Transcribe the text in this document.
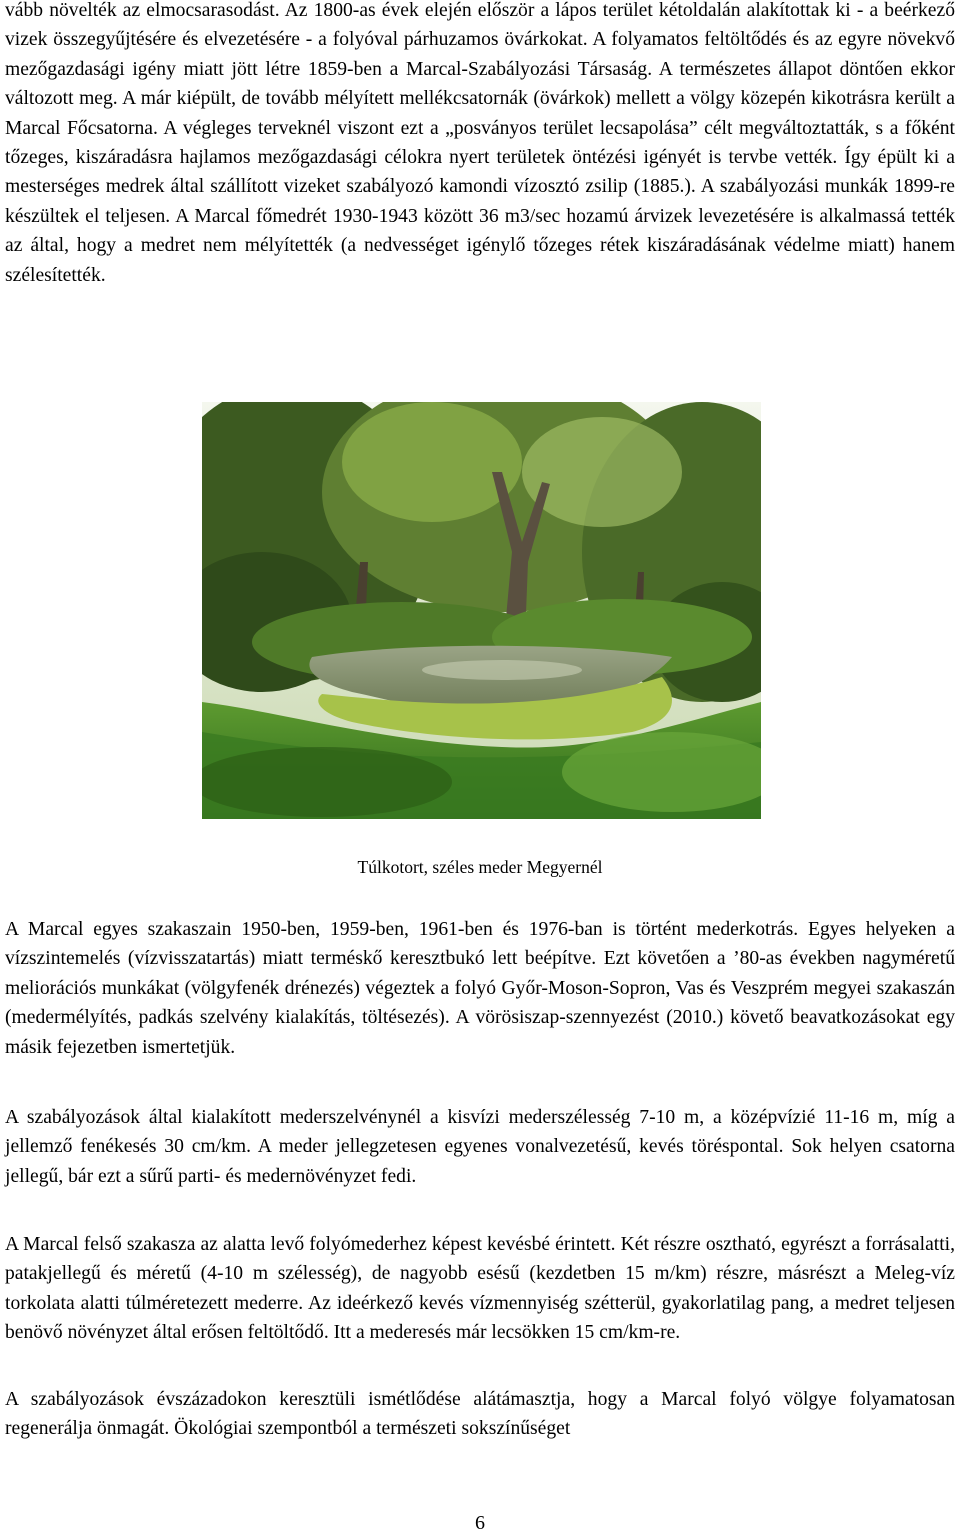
vább növelték az elmocsarasodást. Az 1800-as évek elején először a lápos terület kétoldalán alakítottak ki - a beérkező vizek összegyűjtésére és elvezetésére - a folyóval párhuzamos övárkokat. A folyamatos feltöltődés és az egyre növekvő mezőgazdasági igény miatt jött létre 1859-ben a Marcal-Szabályozási Társaság. A természetes állapot döntően ekkor változott meg. A már kiépült, de tovább mélyített mellékcsatornák (övárkok) mellett a völgy közepén kikotrásra került a Marcal Főcsatorna. A végleges terveknél viszont ezt a „posványos terület lecsapolása” célt megváltoztatták, s a főként tőzeges, kiszáradásra hajlamos mezőgazdasági célokra nyert területek öntézési igényét is tervbe vették. Így épült ki a mesterséges medrek által szállított vizeket szabályozó kamondi vízosztó zsilip (1885.). A szabályozási munkák 1899-re készültek el teljesen. A Marcal főmedrét 1930-1943 között 36 m3/sec hozamú árvizek levezetésére is alkalmassá tették az által, hogy a medret nem mélyítették (a nedvességet igénylő tőzeges rétek kiszáradásának védelme miatt) hanem szélesítették.

Túlkotort, széles meder Megyernél

A Marcal egyes szakaszain 1950-ben, 1959-ben, 1961-ben és 1976-ban is történt mederkotrás. Egyes helyeken a vízszintemelés (vízvisszatartás) miatt terméskő keresztbukó lett beépítve. Ezt követően a ’80-as években nagyméretű meliorációs munkákat (völgyfenék drénezés) végeztek a folyó Győr-Moson-Sopron, Vas és Veszprém megyei szakaszán (medermélyítés, padkás szelvény kialakítás, töltésezés). A vörösiszap-szennyezést (2010.) követő beavatkozásokat egy másik fejezetben ismertetjük.

A szabályozások által kialakított mederszelvénynél a kisvízi mederszélesség 7-10 m, a középvízié 11-16 m, míg a jellemző fenékesés 30 cm/km. A meder jellegzetesen egyenes vonalvezetésű, kevés töréspontal. Sok helyen csatorna jellegű, bár ezt a sűrű parti- és medernövényzet fedi.

A Marcal felső szakasza az alatta levő folyómederhez képest kevésbé érintett. Két részre osztható, egyrészt a forrásalatti, patakjellegű és méretű (4-10 m szélesség), de nagyobb esésű (kezdetben 15 m/km) részre, másrészt a Meleg-víz torkolata alatti túlméretezett mederre. Az ideérkező kevés vízmennyiség szétterül, gyakorlatilag pang, a medret teljesen benövő növényzet által erősen feltöltődő. Itt a mederesés már lecsökken 15 cm/km-re.

A szabályozások évszázadokon keresztüli ismétlődése alátámasztja, hogy a Marcal folyó völgye folyamatosan regenerálja önmagát. Ökológiai szempontból a természeti sokszínűséget

6
